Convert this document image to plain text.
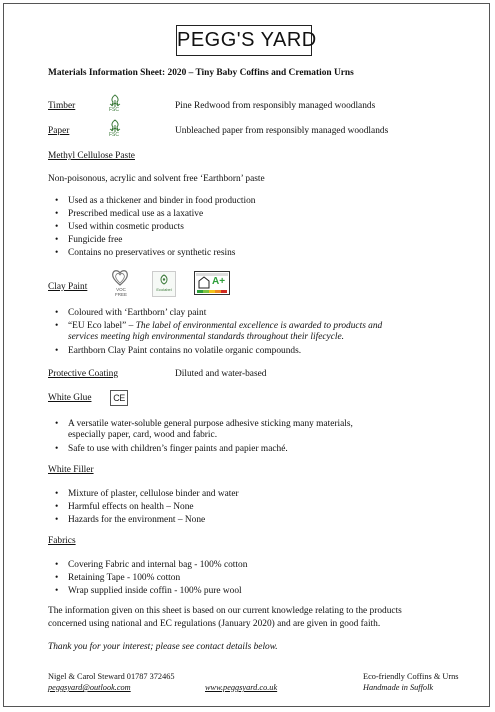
PEGG'S YARD
Materials Information Sheet: 2020 – Tiny Baby Coffins and Cremation Urns
Timber	FSC	Pine Redwood from responsibly managed woodlands
Paper	FSC	Unbleached paper from responsibly managed woodlands
Methyl Cellulose Paste
Non-poisonous, acrylic and solvent free ‘Earthborn’ paste
• Used as a thickener and binder in food production
• Prescribed medical use as a laxative
• Used within cosmetic products
• Fungicide free
• Contains no preservatives or synthetic resins
Clay Paint	VOC FREE
Ecolabel
A+
• Coloured with ‘Earthborn’ clay paint
• “EU Eco label” – The label of environmental excellence is awarded to products and
services meeting high environmental standards throughout their lifecycle.
• Earthborn Clay Paint contains no volatile organic compounds.
Protective Coating	Diluted and water-based
White Glue	CE
• A versatile water-soluble general purpose adhesive sticking many materials,
especially paper, card, wood and fabric.
• Safe to use with children’s finger paints and papier maché.
White Filler
• Mixture of plaster, cellulose binder and water
• Harmful effects on health – None
• Hazards for the environment – None
Fabrics
• Covering Fabric and internal bag - 100% cotton
• Retaining Tape - 100% cotton
• Wrap supplied inside coffin - 100% pure wool
The information given on this sheet is based on our current knowledge relating to the products
concerned using national and EC regulations (January 2020) and are given in good faith.
Thank you for your interest; please see contact details below.
Nigel & Carol Steward 01787 372465
peggsyard@outlook.com	www.peggsyard.co.uk
Eco-friendly Coffins & Urns
Handmade in Suffolk
